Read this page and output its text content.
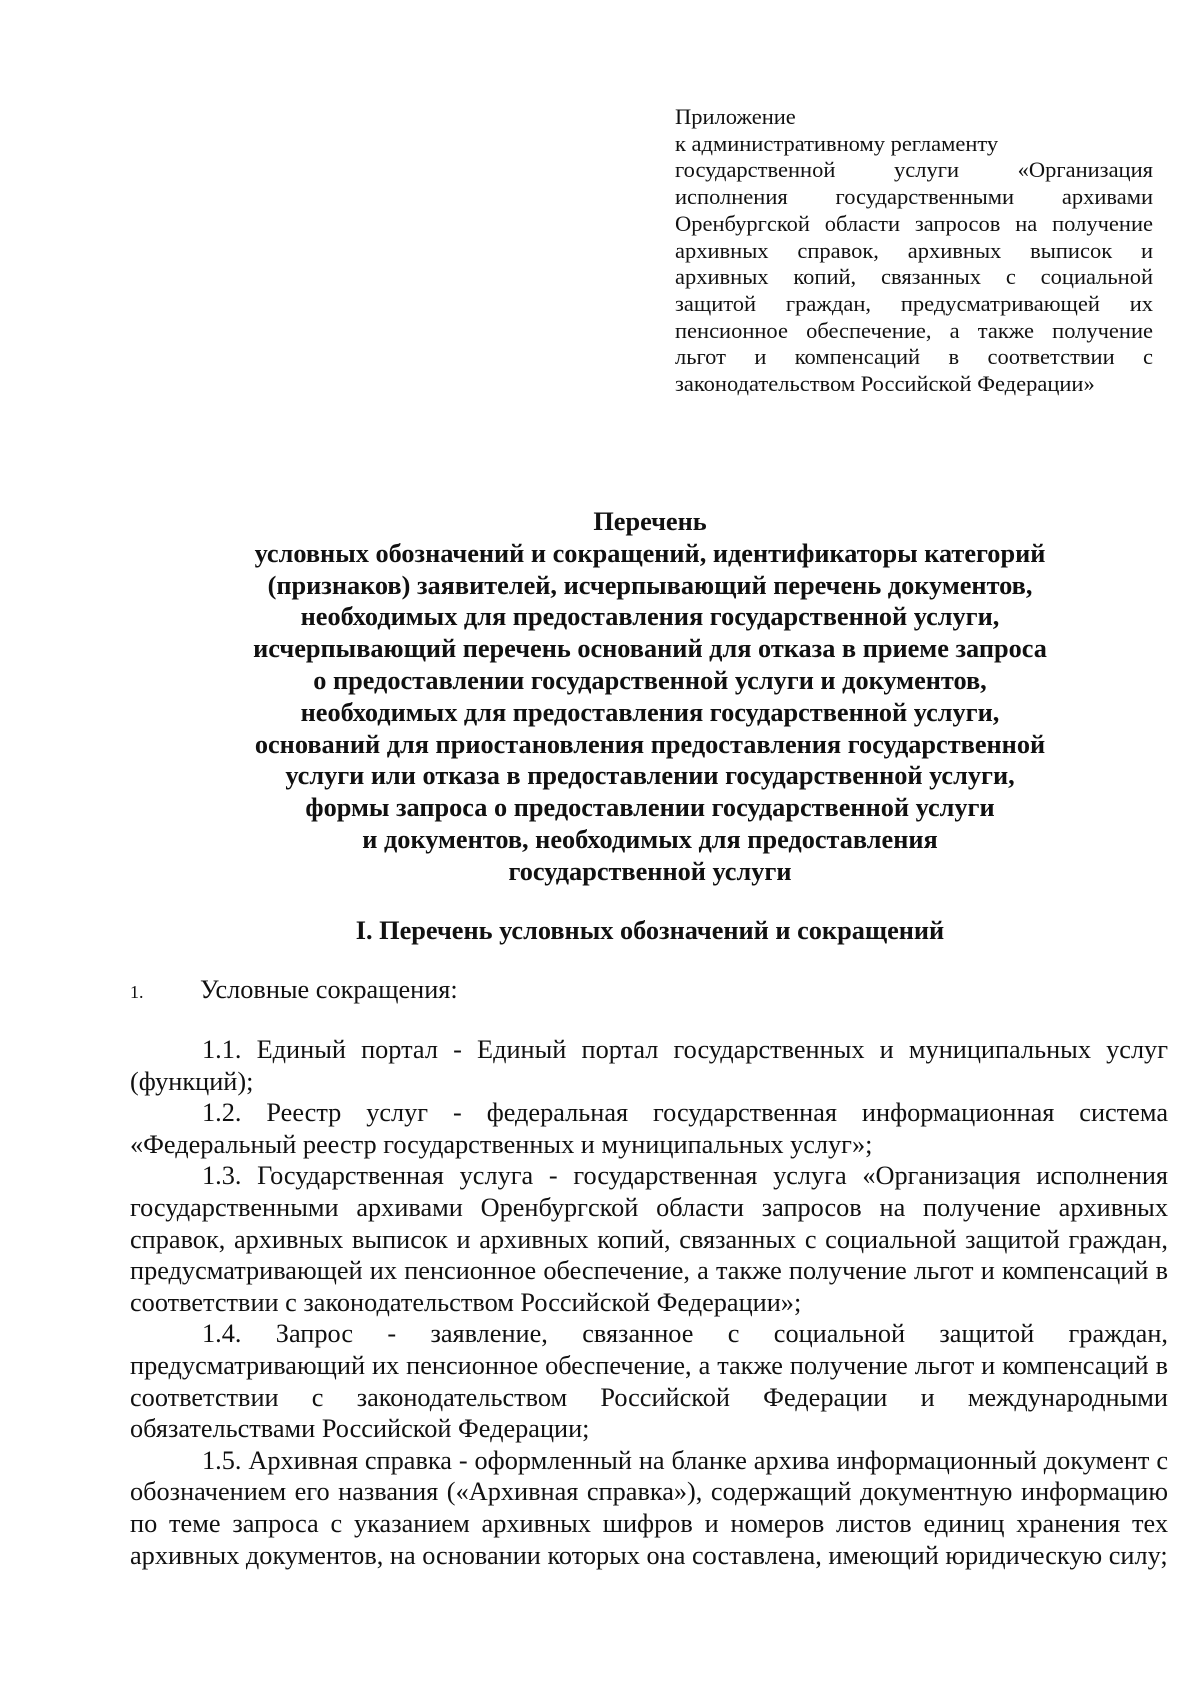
Приложение
к административному регламенту
государственной услуги «Организация исполнения государственными архивами Оренбургской области запросов на получение архивных справок, архивных выписок и архивных копий, связанных с социальной защитой граждан, предусматривающей их пенсионное обеспечение, а также получение льгот и компенсаций в соответствии с законодательством Российской Федерации»

Перечень

условных обозначений и сокращений, идентификаторы категорий

(признаков) заявителей, исчерпывающий перечень документов,

необходимых для предоставления государственной услуги,

исчерпывающий перечень оснований для отказа в приеме запроса

о предоставлении государственной услуги и документов,

необходимых для предоставления государственной услуги,

оснований для приостановления предоставления государственной

услуги или отказа в предоставлении государственной услуги,

формы запроса о предоставлении государственной услуги

и документов, необходимых для предоставления

государственной услуги

I. Перечень условных обозначений и сокращений
1. Условные сокращения:

1.1. Единый портал - Единый портал государственных и муниципальных услуг (функций);

1.2. Реестр услуг - федеральная государственная информационная система «Федеральный реестр государственных и муниципальных услуг»;

1.3. Государственная услуга - государственная услуга «Организация исполнения государственными архивами Оренбургской области запросов на получение архивных справок, архивных выписок и архивных копий, связанных с социальной защитой граждан, предусматривающей их пенсионное обеспечение, а также получение льгот и компенсаций в соответствии с законодательством Российской Федерации»;

1.4. Запрос - заявление, связанное с социальной защитой граждан, предусматривающий их пенсионное обеспечение, а также получение льгот и компенсаций в соответствии с законодательством Российской Федерации и международными обязательствами Российской Федерации;

1.5. Архивная справка - оформленный на бланке архива информационный документ с обозначением его названия («Архивная справка»), содержащий документную информацию по теме запроса с указанием архивных шифров и номеров листов единиц хранения тех архивных документов, на основании которых она составлена, имеющий юридическую силу;
